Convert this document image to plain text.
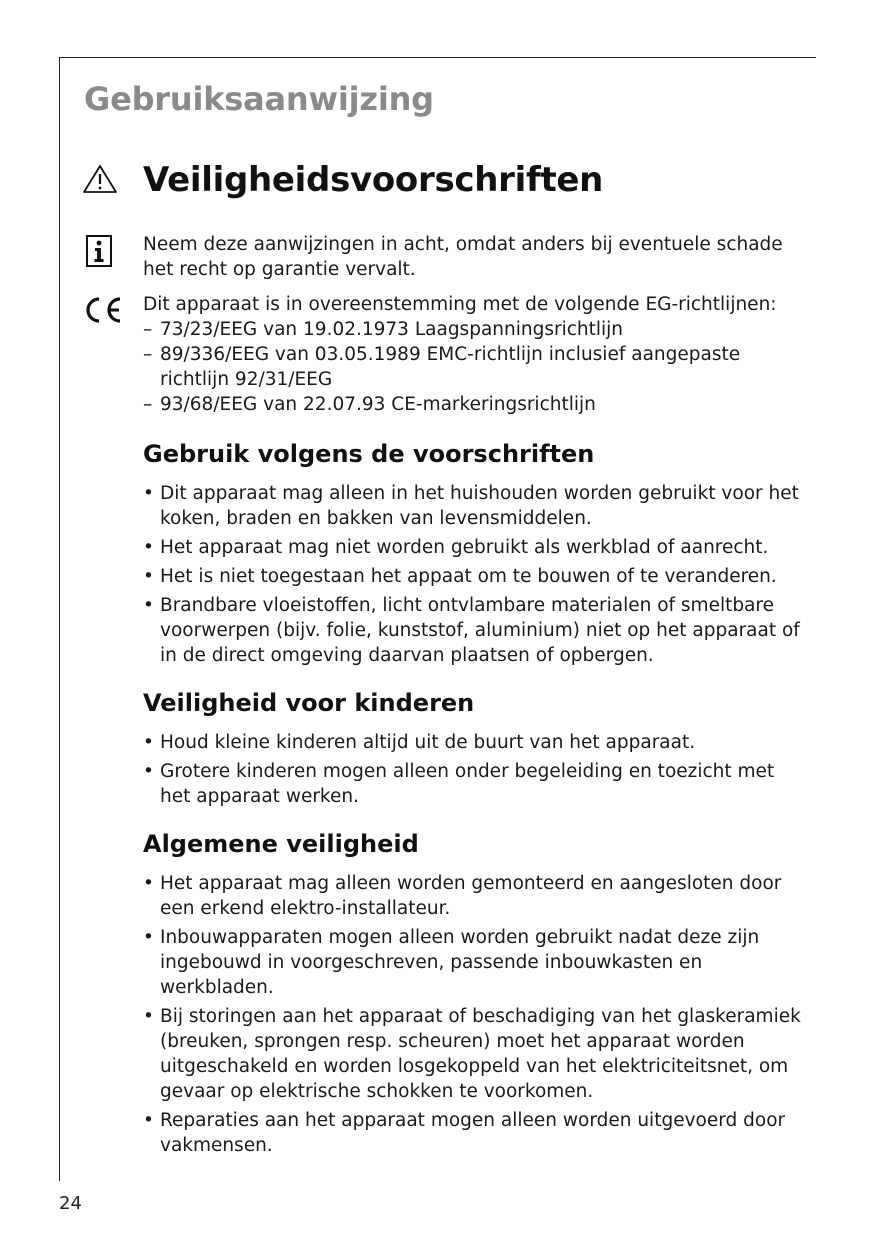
Gebruiksaanwijzing
Veiligheidsvoorschriften

Neem deze aanwijzingen in acht, omdat anders bij eventuele schade het recht op garantie vervalt.

Dit apparaat is in overeenstemming met de volgende EG-richtlijnen:

– 73/23/EEG van 19.02.1973 Laagspanningsrichtlijn
– 89/336/EEG van 03.05.1989 EMC-richtlijn inclusief aangepaste richtlijn 92/31/EEG
– 93/68/EEG van 22.07.93 CE-markeringsrichtlijn
Gebruik volgens de voorschriften
• Dit apparaat mag alleen in het huishouden worden gebruikt voor het koken, braden en bakken van levensmiddelen.
• Het apparaat mag niet worden gebruikt als werkblad of aanrecht.
• Het is niet toegestaan het appaat om te bouwen of te veranderen.
• Brandbare vloeistoffen, licht ontvlambare materialen of smeltbare voorwerpen (bijv. folie, kunststof, aluminium) niet op het apparaat of in de direct omgeving daarvan plaatsen of opbergen.
Veiligheid voor kinderen
• Houd kleine kinderen altijd uit de buurt van het apparaat.
• Grotere kinderen mogen alleen onder begeleiding en toezicht met het apparaat werken.
Algemene veiligheid
• Het apparaat mag alleen worden gemonteerd en aangesloten door een erkend elektro-installateur.
• Inbouwapparaten mogen alleen worden gebruikt nadat deze zijn ingebouwd in voorgeschreven, passende inbouwkasten en werkbladen.
• Bij storingen aan het apparaat of beschadiging van het glaskeramiek (breuken, sprongen resp. scheuren) moet het apparaat worden uitgeschakeld en worden losgekoppeld van het elektriciteitsnet, om gevaar op elektrische schokken te voorkomen.
• Reparaties aan het apparaat mogen alleen worden uitgevoerd door vakmensen.
24
